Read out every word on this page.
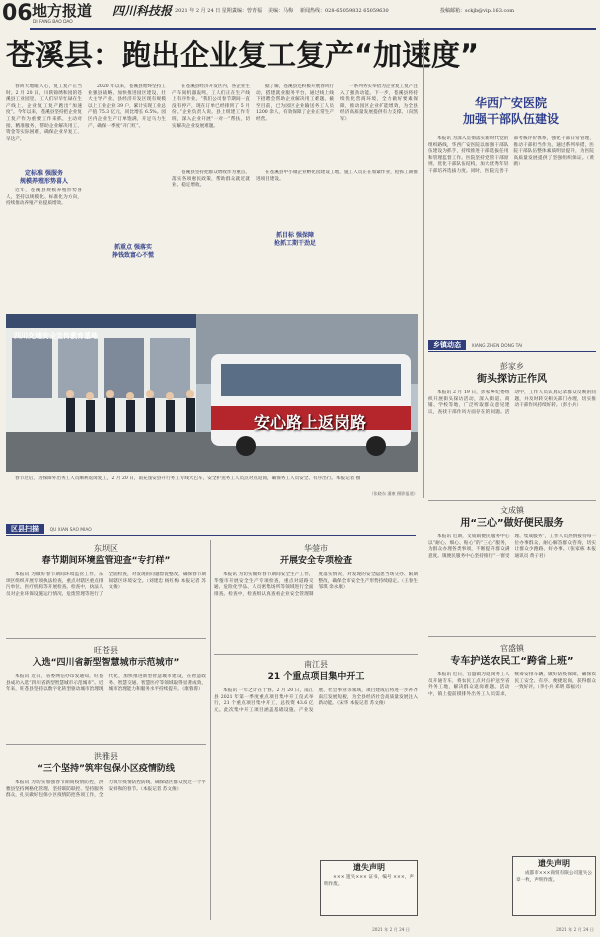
06 地方报道
DI FANG BAO DAO
四川科技报 2021 年 2 月 24 日 星期三
责编：曾青福 美编：马梅 新闻热线：028-65059832 65059630	投稿邮箱：sckjb@vip.163.com
苍溪县：跑出企业复工复产“加速度”

春回大地暖人心，复工复产正当时。2 月 20 日，川陕锦绣和园的苍溪县工业园里，工人们早早忙碌在生产线上，企业复工复产跑出“加速度”。今年以来，苍溪县坚持把企业复工复产作为重要工作来抓，主动对接、精准服务，帮助企业解决用工、资金等实际困难，确保企业早复工、早达产。

2020 年以来，苍溪县始终坚持工业强县战略，加快推进园区建设，壮大主导产业。县经济开发区现有规模以上工业企业 39 户，累计实现工业总产值 75.3 亿元，同比增长 6.5%。园区内企业生产订单饱满，开足马力生产，确保一季度“开门红”。

在苍溪县经济开发区内，各企业生产车间机器轰鸣，工人们正在生产线上有序作业。“我们公司春节期间一直没有停产，现在订单已经排到了 5 月份。”企业负责人说。县上组建工作专班，深入企业开展“一对一”帮扶，切实解决企业发展难题。

据了解，苍溪县还积极开展春风行动，搭建就业服务平台，通过线上线下招聘会帮助企业解决用工难题。截至目前，已为园区企业输送务工人员 1200 余人，有效保障了企业正常生产经营。

一系列务实举措为企业复工复产注入了强劲动能。下一步，苍溪县将持续优化营商环境，全力做好要素保障，推动园区企业扩能增效，为全县经济高质量发展提供有力支撑。（向凯军）

定标准 强服务
规模养殖形势喜人

近年，苍溪县规模养殖形势喜人，坚持以规模化、标准化为方向，持续推动养殖产业提质增效。

抓重点 强落实
挣钱致富心不慌

苍溪县坚持把群众增收作为重点，落实各项惠民政策，帮助群众就近就业、稳定增收。

抓目标 强保障
抢抓工期干劲足

在苍溪县中小微企业孵化园建设工地，施工人员正在加紧作业，抢抓工期推进项目建设。

四川交通安全宣传教育基地
安心路上返岗路

春节过后，为保障外出务工人员顺利返岗复工，2 月 20 日，南充蓬安县开行务工专线大巴车，安全护送务工人员点对点返岗，确保务工人员安全、有序出行。本报记者 摄

（张晓东 潘康 摄影报道）
华西广安医院
加强干部队伍建设

本报讯 为深入贯彻落实新时代党的组织路线，华西广安医院以加强干部队伍建设为抓手，持续推进干部选拔任用和管理监督工作。医院坚持党管干部原则，优化干部队伍结构，加大优秀年轻干部培养选拔力度。同时，医院完善干部考核评价体系，强化干部日常管理，推动干部担当作为。通过系列举措，医院干部队伍整体素质明显提升，为医院高质量发展提供了坚强组织保证。（黄鸥）

乡镇动态 XIANG ZHEN DONG TAI
彭家乡
街头探访正作风

本报讯 2 月 19 日，彭家乡纪委组织开展街头探访活动，深入街道、商铺、学校等地，广泛听取群众意见建议，查找干部作风方面存在的问题。活动中，工作人员认真记录群众反映的问题，并及时转交相关部门办理，切实推动干部作风持续好转。（彭小兵）

文成镇
用“三心”做好便民服务

本报讯 近期，文成镇便民服务中心以“耐心、细心、贴心”的“三心”服务，为群众办理各类事项，不断提升群众满意度。镇便民服务中心坚持推行“一窗受理、集成服务”，工作人员热情接待每一位办事群众，耐心解答群众咨询，切实让群众少跑路、好办事。（张家栋 本报通讯员 黄子君）

官盛镇
专车护送农民工“跨省上班”

本报讯 近日，官盛镇为返岗务工人员开通专车，将农民工点对点护送至省外务工地，解决群众返岗难题。活动中，镇上提前摸排外出务工人员需求，统筹安排车辆，做好防疫保障，确保农民工安全、有序、便捷返岗，获得群众一致好评。（李小兵 邓明 郑福兴）

遗失声明

成都市×××商贸有限公司遗失公章一枚，声明作废。

区县扫描 QU XIAN SAO MIAO
东坝区
春节期间环境监管迎查“专打样”

本报讯 为做好春节期间环境监管工作，东坝区组织开展专项执法检查，重点对辖区重点排污单位、医疗机构等开展检查。检查中，执法人员对企业环保设施运行情况、危废管理等进行了全面检查，对发现的问题督促整改，确保春节期间辖区环境安全。（刘建忠 杨红梅 本报记者 苏文俊）

旺苍县
入选“四川省新型智慧城市示范城市”

本报讯 近日，省委网信办印发通知，旺苍县成功入选“四川省新型智慧城市示范城市”。近年来，旺苍县坚持以数字化转型驱动城市治理现代化，加快推进新型智慧城市建设，在智慧政务、智慧交通、智慧医疗等领域取得显著成效，城市治理能力和服务水平持续提升。（康蓉蓉）

洪雅县
“三个坚持”筑牢包保小区疫情防线

本报讯 为切实加强春节期间疫情防控，洪雅县坚持网格化管理、坚持联防联控、坚持服务群众，扎实做好包保小区疫情防控各项工作，全力筑牢疫情防控防线，确保辖区群众度过一个平安祥和的春节。（本报记者 苏文俊）

华蓥市
开展安全专项检查

本报讯 为切实做好春节期间安全生产工作，华蓥市开展安全生产专项检查，重点对道路交通、危险化学品、人员密集场所等领域进行全面排查。检查中，检查组认真查看企业安全管理制度落实情况，对发现的安全隐患当场交办、限期整改，确保全市安全生产形势持续稳定。（王春生 邹琪 余永康）

南江县
21 个重点项目集中开工

本报讯 一年之计在于春。2 月 20 日，南江县 2021 年第一季度重点项目集中开工仪式举行，21 个重点项目集中开工，总投资 43.6 亿元。此次集中开工项目涵盖基础设施、产业发展、社会事业等领域，项目建成后将进一步补齐南江发展短板，为全县经济社会高质量发展注入新动能。（宋华 本报记者 苏文俊）

遗失声明

××× 遗失××× 证书，编号 ×××，声明作废。

2021 年 2 月 24 日	2021 年 2 月 24 日
